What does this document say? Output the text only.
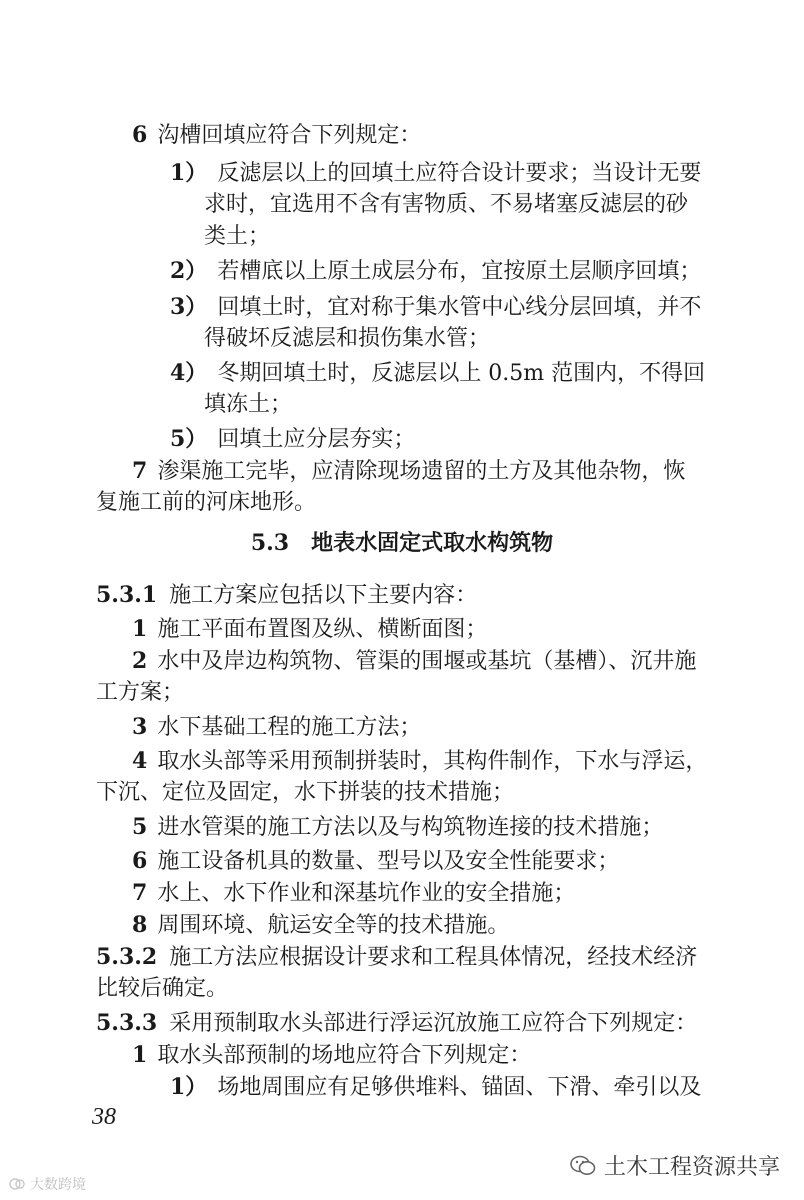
6 沟槽回填应符合下列规定：
1） 反滤层以上的回填土应符合设计要求；当设计无要
求时，宜选用不含有害物质、不易堵塞反滤层的砂
类土；
2） 若槽底以上原土成层分布，宜按原土层顺序回填；
3） 回填土时，宜对称于集水管中心线分层回填，并不
得破坏反滤层和损伤集水管；
4） 冬期回填土时，反滤层以上 0.5m 范围内，不得回
填冻土；
5） 回填土应分层夯实；
7 渗渠施工完毕，应清除现场遗留的土方及其他杂物，恢
复施工前的河床地形。
5.3 地表水固定式取水构筑物
5.3.1 施工方案应包括以下主要内容：
1 施工平面布置图及纵、横断面图；
2 水中及岸边构筑物、管渠的围堰或基坑（基槽）、沉井施
工方案；
3 水下基础工程的施工方法；
4 取水头部等采用预制拼装时，其构件制作，下水与浮运，
下沉、定位及固定，水下拼装的技术措施；
5 进水管渠的施工方法以及与构筑物连接的技术措施；
6 施工设备机具的数量、型号以及安全性能要求；
7 水上、水下作业和深基坑作业的安全措施；
8 周围环境、航运安全等的技术措施。
5.3.2 施工方法应根据设计要求和工程具体情况，经技术经济
比较后确定。
5.3.3 采用预制取水头部进行浮运沉放施工应符合下列规定：
1 取水头部预制的场地应符合下列规定：
1） 场地周围应有足够供堆料、锚固、下滑、牵引以及
38
土木工程资源共享
大数跨境
